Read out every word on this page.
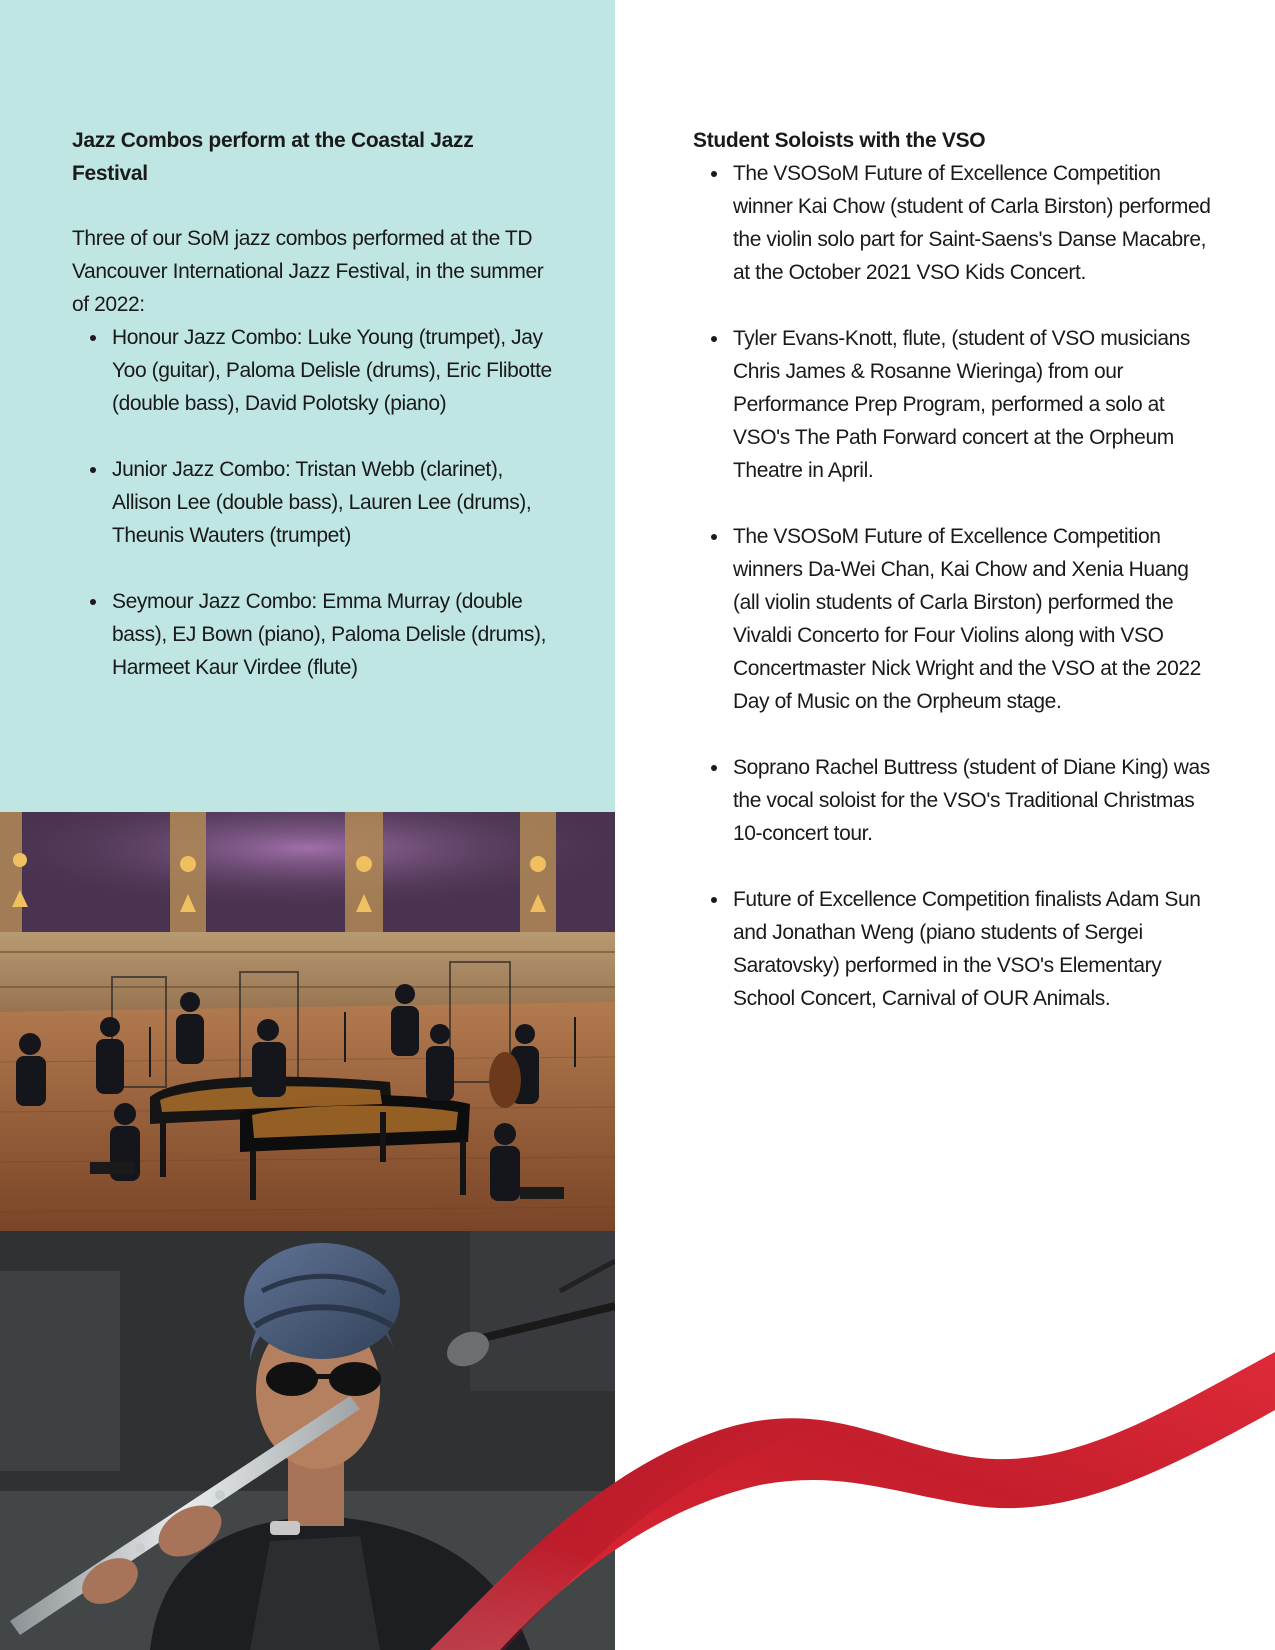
Jazz Combos perform at the Coastal Jazz Festival

Three of our SoM jazz combos performed at the TD Vancouver International Jazz Festival, in the summer of 2022:

Honour Jazz Combo: Luke Young (trumpet), Jay Yoo (guitar), Paloma Delisle (drums), Eric Flibotte (double bass), David Polotsky (piano)
Junior Jazz Combo: Tristan Webb (clarinet), Allison Lee (double bass), Lauren Lee (drums), Theunis Wauters (trumpet)
Seymour Jazz Combo: Emma Murray (double bass), EJ Bown (piano), Paloma Delisle (drums), Harmeet Kaur Virdee (flute)
Student Soloists with the VSO
The VSOSoM Future of Excellence Competition winner Kai Chow (student of Carla Birston) performed the violin solo part for Saint-Saens's Danse Macabre, at the October 2021 VSO Kids Concert.
Tyler Evans-Knott, flute, (student of VSO musicians Chris James & Rosanne Wieringa) from our Performance Prep Program, performed a solo at VSO's The Path Forward concert at the Orpheum Theatre in April.
The VSOSoM Future of Excellence Competition winners Da-Wei Chan, Kai Chow and Xenia Huang (all violin students of Carla Birston) performed the Vivaldi Concerto for Four Violins along with VSO Concertmaster Nick Wright and the VSO at the 2022 Day of Music on the Orpheum stage.
Soprano Rachel Buttress (student of Diane King) was the vocal soloist for the VSO's Traditional Christmas 10-concert tour.
Future of Excellence Competition finalists Adam Sun and Jonathan Weng (piano students of Sergei Saratovsky) performed in the VSO's Elementary School Concert, Carnival of OUR Animals.
